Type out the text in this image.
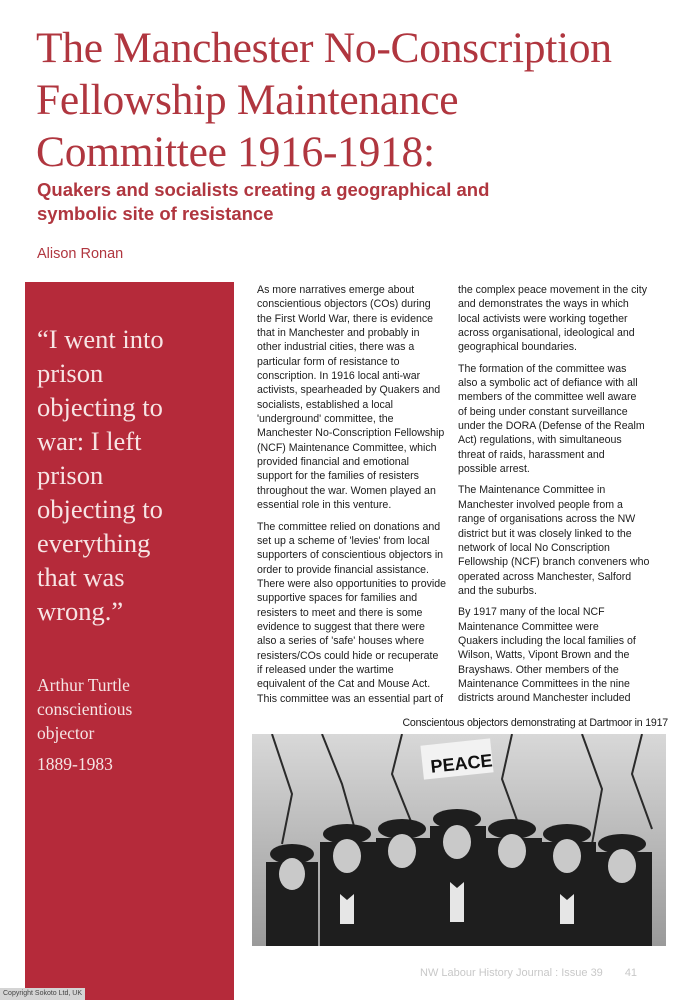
The Manchester No-Conscription
Fellowship Maintenance
Committee 1916-1918:
Quakers and socialists creating a geographical and
symbolic site of resistance
Alison Ronan
“I went into
prison
objecting to
war: I left
prison
objecting to
everything
that was
wrong.”
Arthur Turtle
conscientious
objector
1889-1983

As more narratives emerge about
conscientious objectors (COs) during
the First World War, there is evidence
that in Manchester and probably in
other industrial cities, there was a
particular form of resistance to
conscription. In 1916 local anti-war
activists, spearheaded by Quakers and
socialists, established a local
'underground' committee, the
Manchester No-Conscription Fellowship
(NCF) Maintenance Committee, which
provided financial and emotional
support for the families of resisters
throughout the war. Women played an
essential role in this venture.

The committee relied on donations and
set up a scheme of 'levies' from local
supporters of conscientious objectors in
order to provide financial assistance.
There were also opportunities to provide
supportive spaces for families and
resisters to meet and there is some
evidence to suggest that there were
also a series of 'safe' houses where
resisters/COs could hide or recuperate
if released under the wartime
equivalent of the Cat and Mouse Act.
This committee was an essential part of

the complex peace movement in the city
and demonstrates the ways in which
local activists were working together
across organisational, ideological and
geographical boundaries.

The formation of the committee was
also a symbolic act of defiance with all
members of the committee well aware
of being under constant surveillance
under the DORA (Defense of the Realm
Act) regulations, with simultaneous
threat of raids, harassment and
possible arrest.

The Maintenance Committee in
Manchester involved people from a
range of organisations across the NW
district but it was closely linked to the
network of local No Conscription
Fellowship (NCF) branch conveners who
operated across Manchester, Salford
and the suburbs.

By 1917 many of the local NCF
Maintenance Committee were
Quakers including the local families of
Wilson, Watts, Vipont Brown and the
Brayshaws. Other members of the
Maintenance Committees in the nine
districts around Manchester included

Conscientous objectors demonstrating at Dartmoor in 1917
PEACE
NW Labour History Journal : Issue 39 41
Copyright Sokoto Ltd, UK
